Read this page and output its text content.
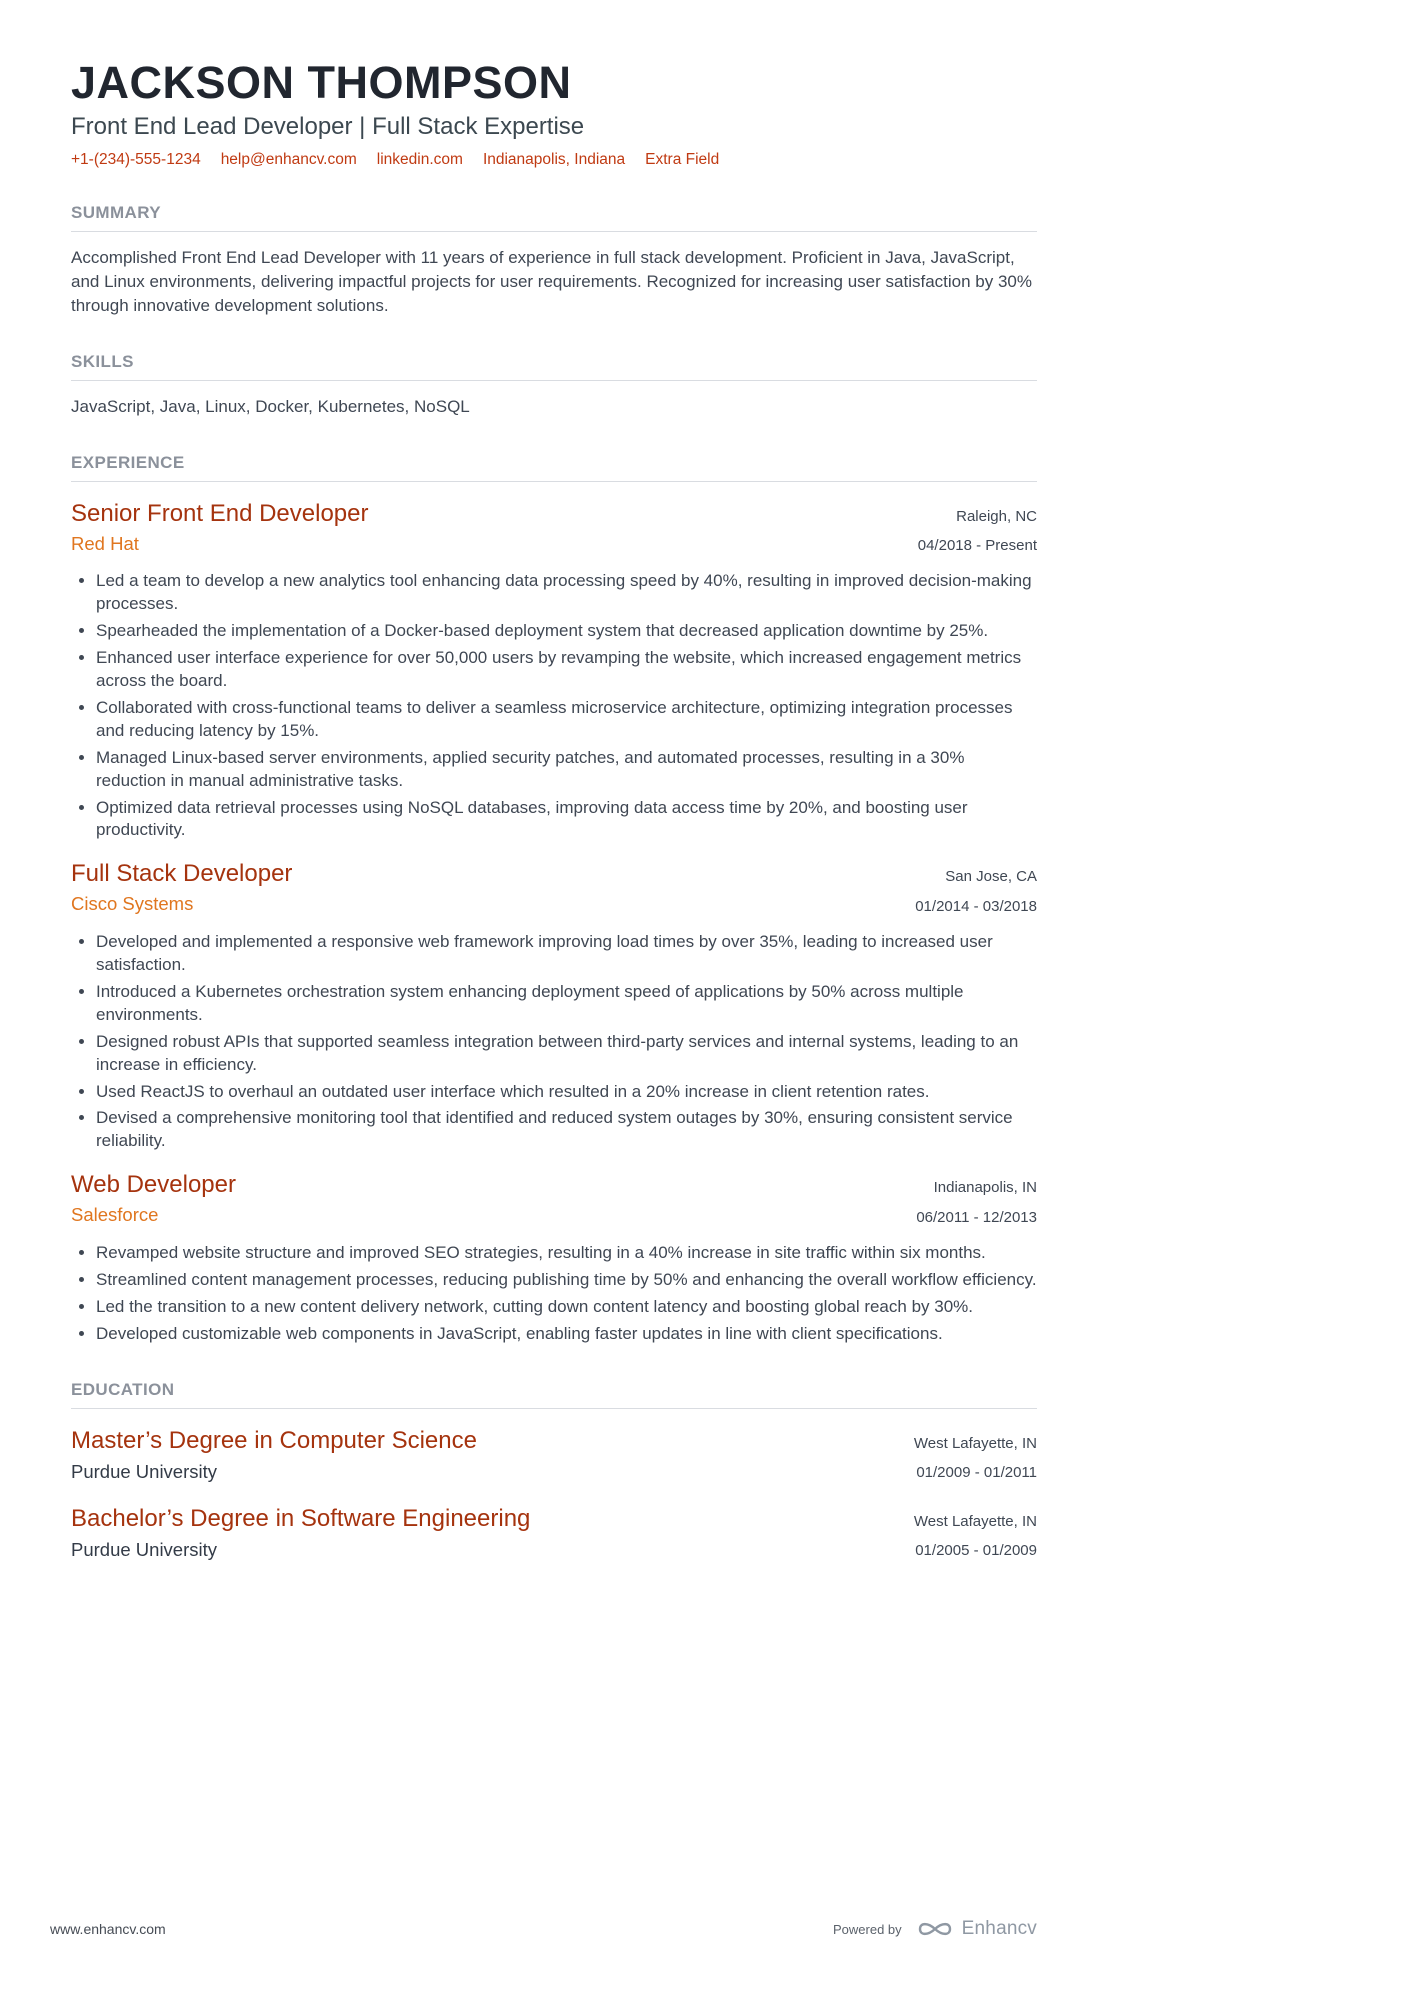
JACKSON THOMPSON
Front End Lead Developer | Full Stack Expertise
+1-(234)-555-1234 help@enhancv.com linkedin.com Indianapolis, Indiana Extra Field
SUMMARY

Accomplished Front End Lead Developer with 11 years of experience in full stack development. Proficient in Java, JavaScript, and Linux environments, delivering impactful projects for user requirements. Recognized for increasing user satisfaction by 30% through innovative development solutions.

SKILLS

JavaScript, Java, Linux, Docker, Kubernetes, NoSQL

EXPERIENCE
Senior Front End Developer
Red Hat
Raleigh, NC
04/2018 - Present
• Led a team to develop a new analytics tool enhancing data processing speed by 40%, resulting in improved decision-making processes.
• Spearheaded the implementation of a Docker-based deployment system that decreased application downtime by 25%.
• Enhanced user interface experience for over 50,000 users by revamping the website, which increased engagement metrics across the board.
• Collaborated with cross-functional teams to deliver a seamless microservice architecture, optimizing integration processes and reducing latency by 15%.
• Managed Linux-based server environments, applied security patches, and automated processes, resulting in a 30% reduction in manual administrative tasks.
• Optimized data retrieval processes using NoSQL databases, improving data access time by 20%, and boosting user productivity.
Full Stack Developer
Cisco Systems
San Jose, CA
01/2014 - 03/2018
• Developed and implemented a responsive web framework improving load times by over 35%, leading to increased user satisfaction.
• Introduced a Kubernetes orchestration system enhancing deployment speed of applications by 50% across multiple environments.
• Designed robust APIs that supported seamless integration between third-party services and internal systems, leading to an increase in efficiency.
• Used ReactJS to overhaul an outdated user interface which resulted in a 20% increase in client retention rates.
• Devised a comprehensive monitoring tool that identified and reduced system outages by 30%, ensuring consistent service reliability.
Web Developer
Salesforce
Indianapolis, IN
06/2011 - 12/2013
• Revamped website structure and improved SEO strategies, resulting in a 40% increase in site traffic within six months.
• Streamlined content management processes, reducing publishing time by 50% and enhancing the overall workflow efficiency.
• Led the transition to a new content delivery network, cutting down content latency and boosting global reach by 30%.
• Developed customizable web components in JavaScript, enabling faster updates in line with client specifications.
EDUCATION
Master’s Degree in Computer Science
Purdue University
West Lafayette, IN
01/2009 - 01/2011
Bachelor’s Degree in Software Engineering
Purdue University
West Lafayette, IN
01/2005 - 01/2009
www.enhancv.com	Powered by	Enhancv
